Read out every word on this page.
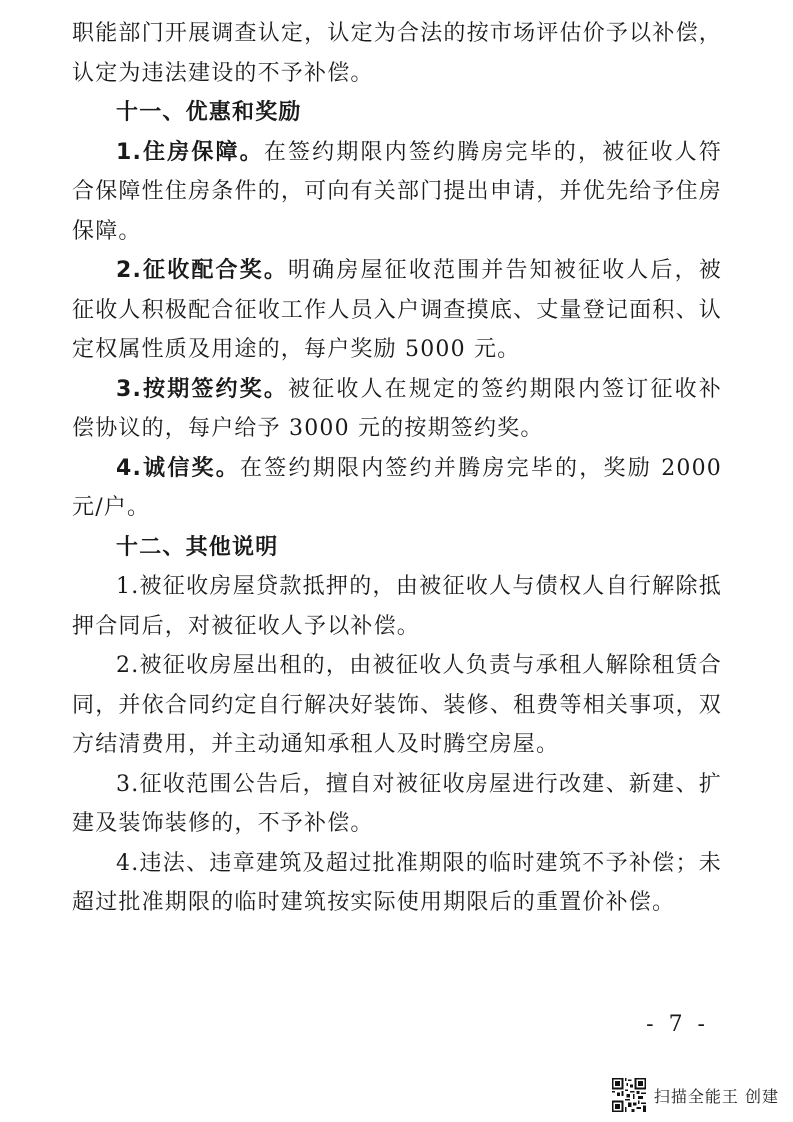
职能部门开展调查认定，认定为合法的按市场评估价予以补偿，认定为违法建设的不予补偿。

十一、优惠和奖励

1.住房保障。在签约期限内签约腾房完毕的，被征收人符合保障性住房条件的，可向有关部门提出申请，并优先给予住房保障。

2.征收配合奖。明确房屋征收范围并告知被征收人后，被征收人积极配合征收工作人员入户调查摸底、丈量登记面积、认定权属性质及用途的，每户奖励 5000 元。

3.按期签约奖。被征收人在规定的签约期限内签订征收补偿协议的，每户给予 3000 元的按期签约奖。

4.诚信奖。在签约期限内签约并腾房完毕的，奖励 2000 元/户。

十二、其他说明

1.被征收房屋贷款抵押的，由被征收人与债权人自行解除抵押合同后，对被征收人予以补偿。

2.被征收房屋出租的，由被征收人负责与承租人解除租赁合同，并依合同约定自行解决好装饰、装修、租费等相关事项，双方结清费用，并主动通知承租人及时腾空房屋。

3.征收范围公告后，擅自对被征收房屋进行改建、新建、扩建及装饰装修的，不予补偿。

4.违法、违章建筑及超过批准期限的临时建筑不予补偿；未超过批准期限的临时建筑按实际使用期限后的重置价补偿。

- 7 -
扫描全能王 创建
